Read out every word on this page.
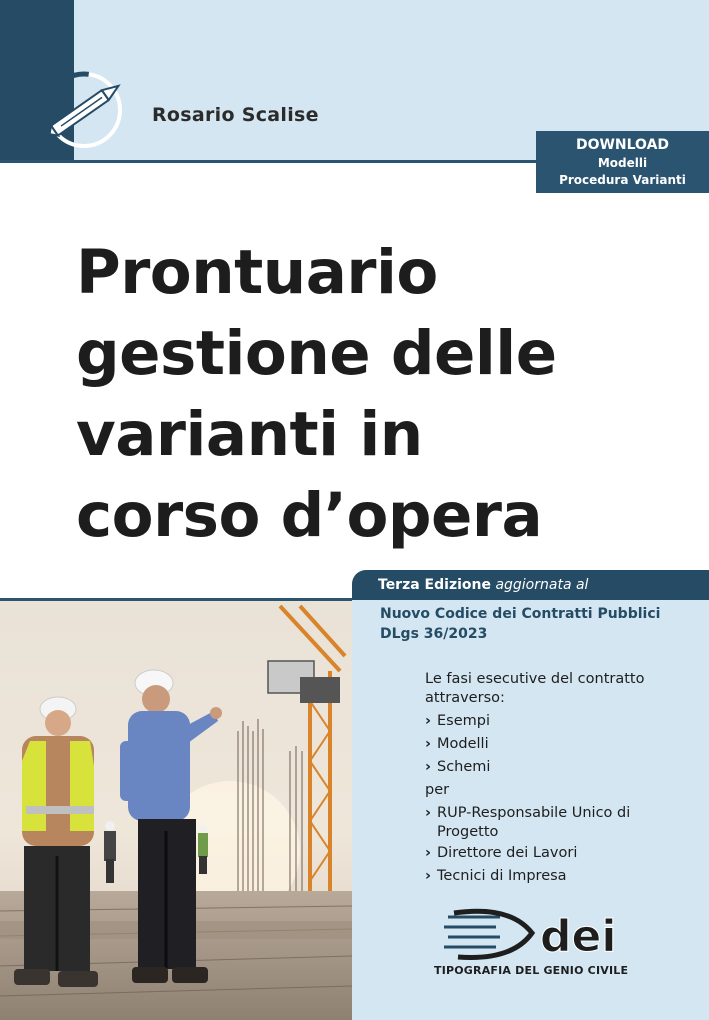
Rosario Scalise
DOWNLOAD
Modelli
Procedura Varianti
Prontuario
gestione delle
varianti in
corso d’opera
Terza Edizione aggiornata al
Nuovo Codice dei Contratti Pubblici
DLgs 36/2023
Le fasi esecutive del contratto
attraverso:
› Esempi
› Modelli
› Schemi
per
› RUP-Responsabile Unico di
Progetto
› Direttore dei Lavori
› Tecnici di Impresa
dei
TIPOGRAFIA DEL GENIO CIVILE
